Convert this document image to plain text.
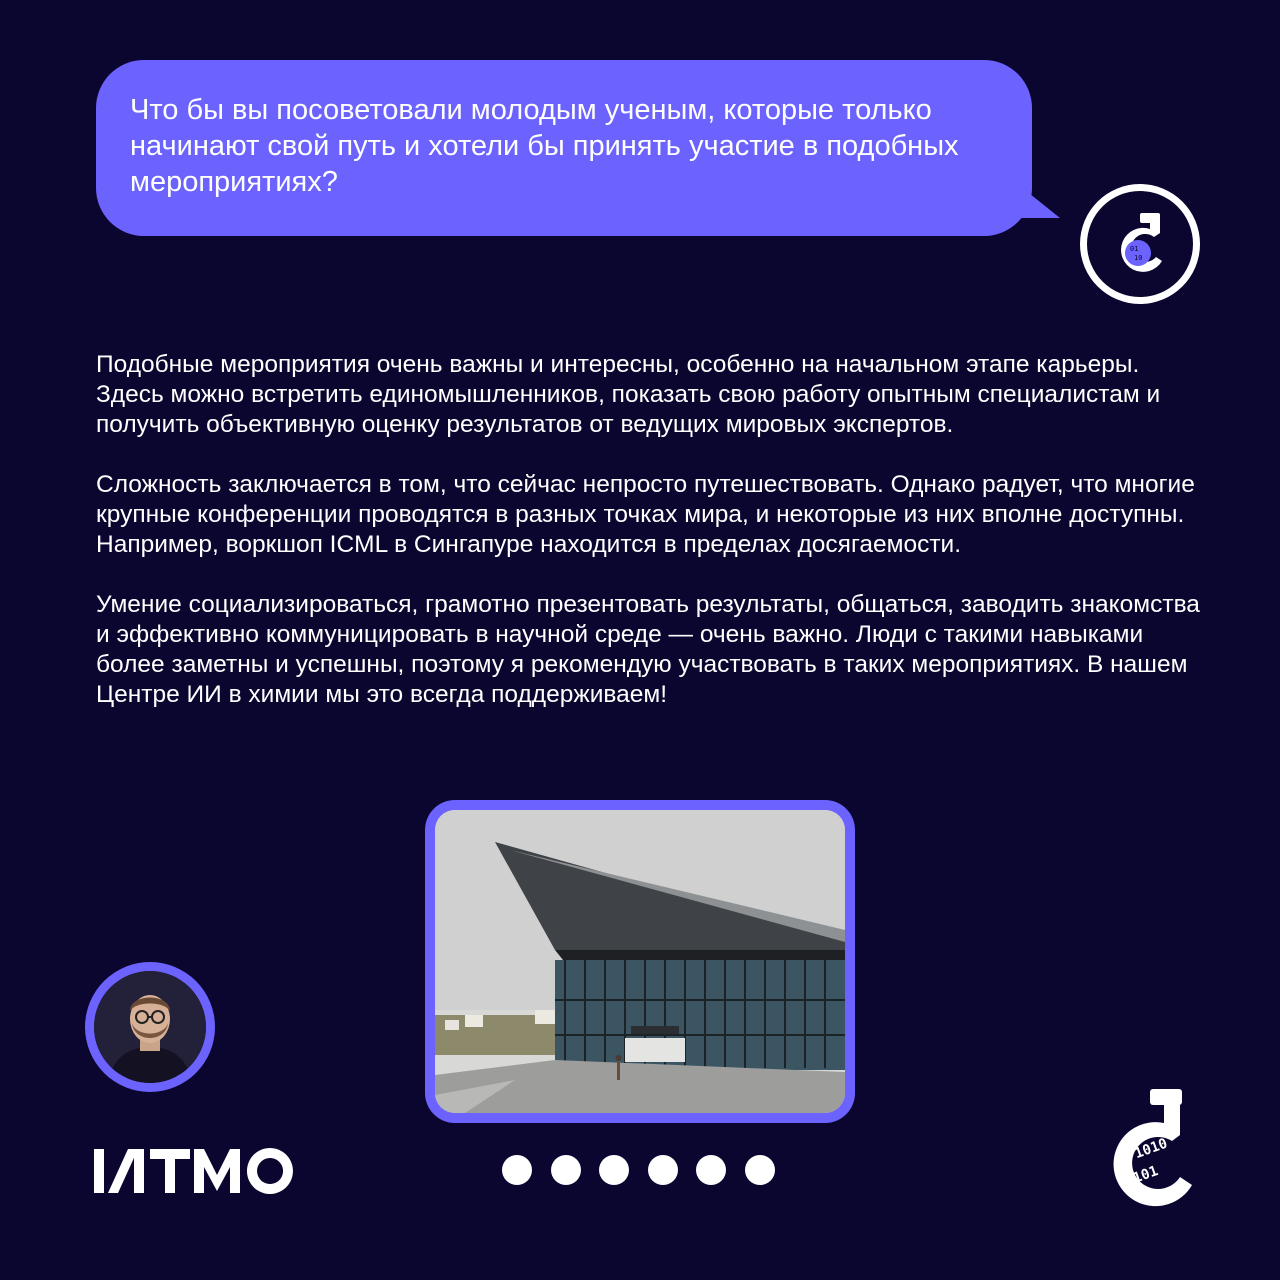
Что бы вы посоветовали молодым ученым, которые только начинают свой путь и хотели бы принять участие в подобных мероприятиях?

01
10

Подобные мероприятия очень важны и интересны, особенно на начальном этапе карьеры. Здесь можно встретить единомышленников, показать свою работу опытным специалистам и получить объективную оценку результатов от ведущих мировых экспертов.

Сложность заключается в том, что сейчас непросто путешествовать. Однако радует, что многие крупные конференции проводятся в разных точках мира, и некоторые из них вполне доступны. Например, воркшоп ICML в Сингапуре находится в пределах досягаемости.

Умение социализироваться, грамотно презентовать результаты, общаться, заводить знакомства и эффективно коммуницировать в научной среде — очень важно. Люди с такими навыками более заметны и успешны, поэтому я рекомендую участвовать в таких мероприятиях. В нашем Центре ИИ в химии мы это всегда поддерживаем!

1010
0101
